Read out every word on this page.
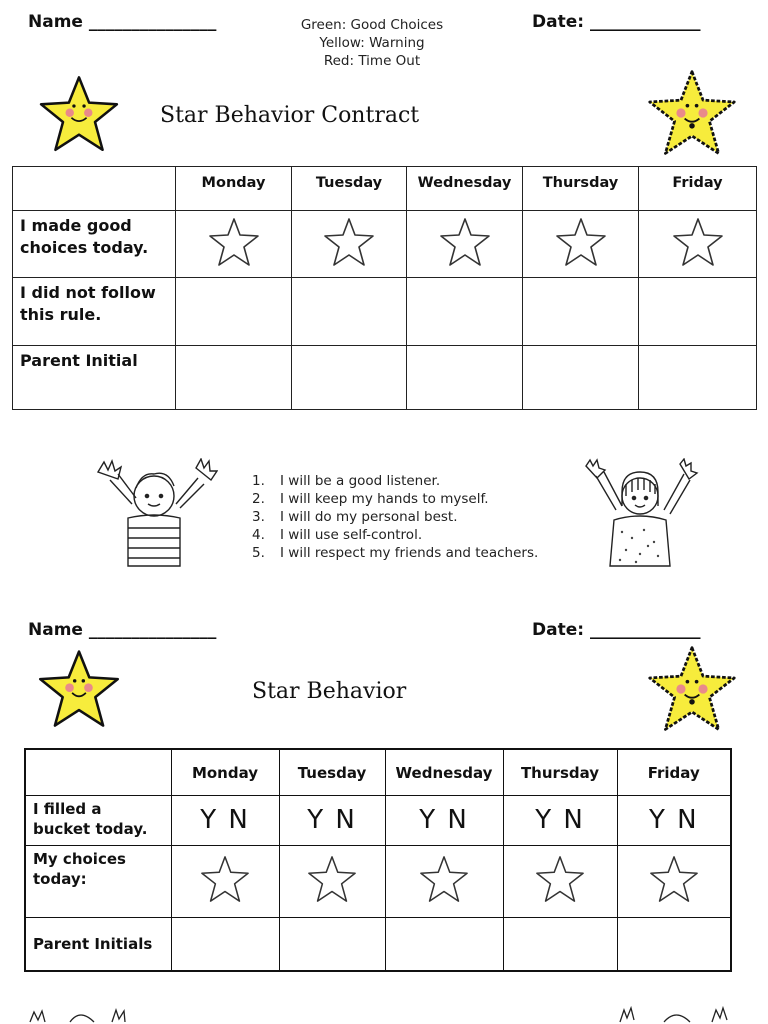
Name _______________	Date: _____________
Green: Good Choices
Yellow: Warning
Red: Time Out
Star Behavior Contract
	Monday	Tuesday	Wednesday	Thursday	Friday
I made good choices today.					
I did not follow this rule.					
Parent Initial					
1. I will be a good listener.
2. I will keep my hands to myself.
3. I will do my personal best.
4. I will use self-control.
5. I will respect my friends and teachers.
Name _______________	Date: _____________
Star Behavior
	Monday	Tuesday	Wednesday	Thursday	Friday
I filled a bucket today.	Y N	Y N	Y N	Y N	Y N
My choices today:					
Parent Initials					
